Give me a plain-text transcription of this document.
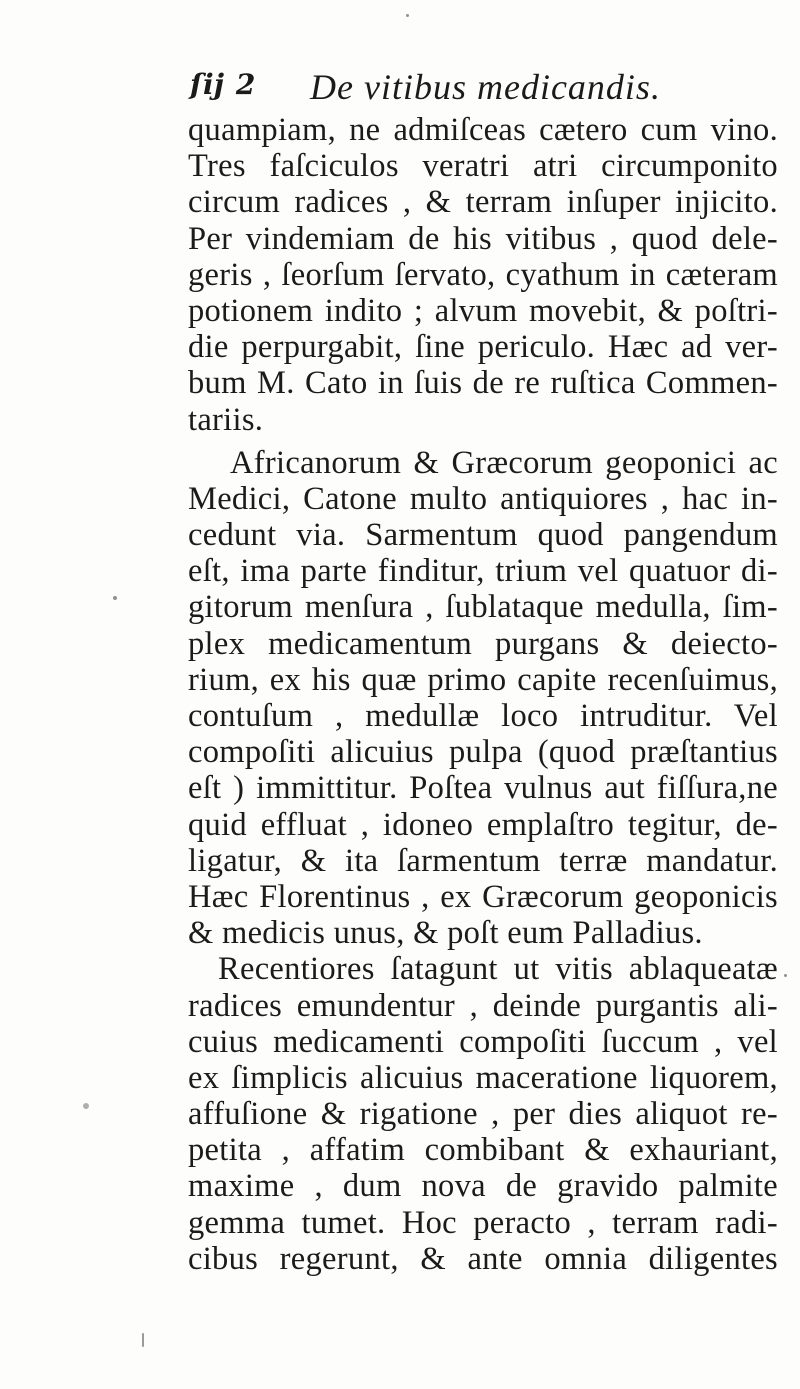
ſĳ 2 De vitibus medicandis.
quampiam, ne admiſceas cætero cum vino.
Tres faſciculos veratri atri circumponito
circum radices , & terram inſuper injicito.
Per vindemiam de his vitibus , quod dele-
geris , ſeorſum ſervato, cyathum in cæteram
potionem indito ; alvum movebit, & poſtri-
die perpurgabit, ſine periculo. Hæc ad ver-
bum M. Cato in ſuis de re ruſtica Commen-
tariis.
Africanorum & Græcorum geoponici ac
Medici, Catone multo antiquiores , hac in-
cedunt via. Sarmentum quod pangendum
eſt, ima parte finditur, trium vel quatuor di-
gitorum menſura , ſublataque medulla, ſim-
plex medicamentum purgans & deiecto-
rium, ex his quæ primo capite recenſuimus,
contuſum , medullæ loco intruditur. Vel
compoſiti alicuius pulpa (quod præſtantius
eſt ) immittitur. Poſtea vulnus aut fiſſura,ne
quid effluat , idoneo emplaſtro tegitur, de-
ligatur, & ita ſarmentum terræ mandatur.
Hæc Florentinus , ex Græcorum geoponicis
& medicis unus, & poſt eum Palladius.
Recentiores ſatagunt ut vitis ablaqueatæ
radices emundentur , deinde purgantis ali-
cuius medicamenti compoſiti ſuccum , vel
ex ſimplicis alicuius maceratione liquorem,
affuſione & rigatione , per dies aliquot re-
petita , affatim combibant & exhauriant,
maxime , dum nova de gravido palmite
gemma tumet. Hoc peracto , terram radi-
cibus regerunt, & ante omnia diligentes
